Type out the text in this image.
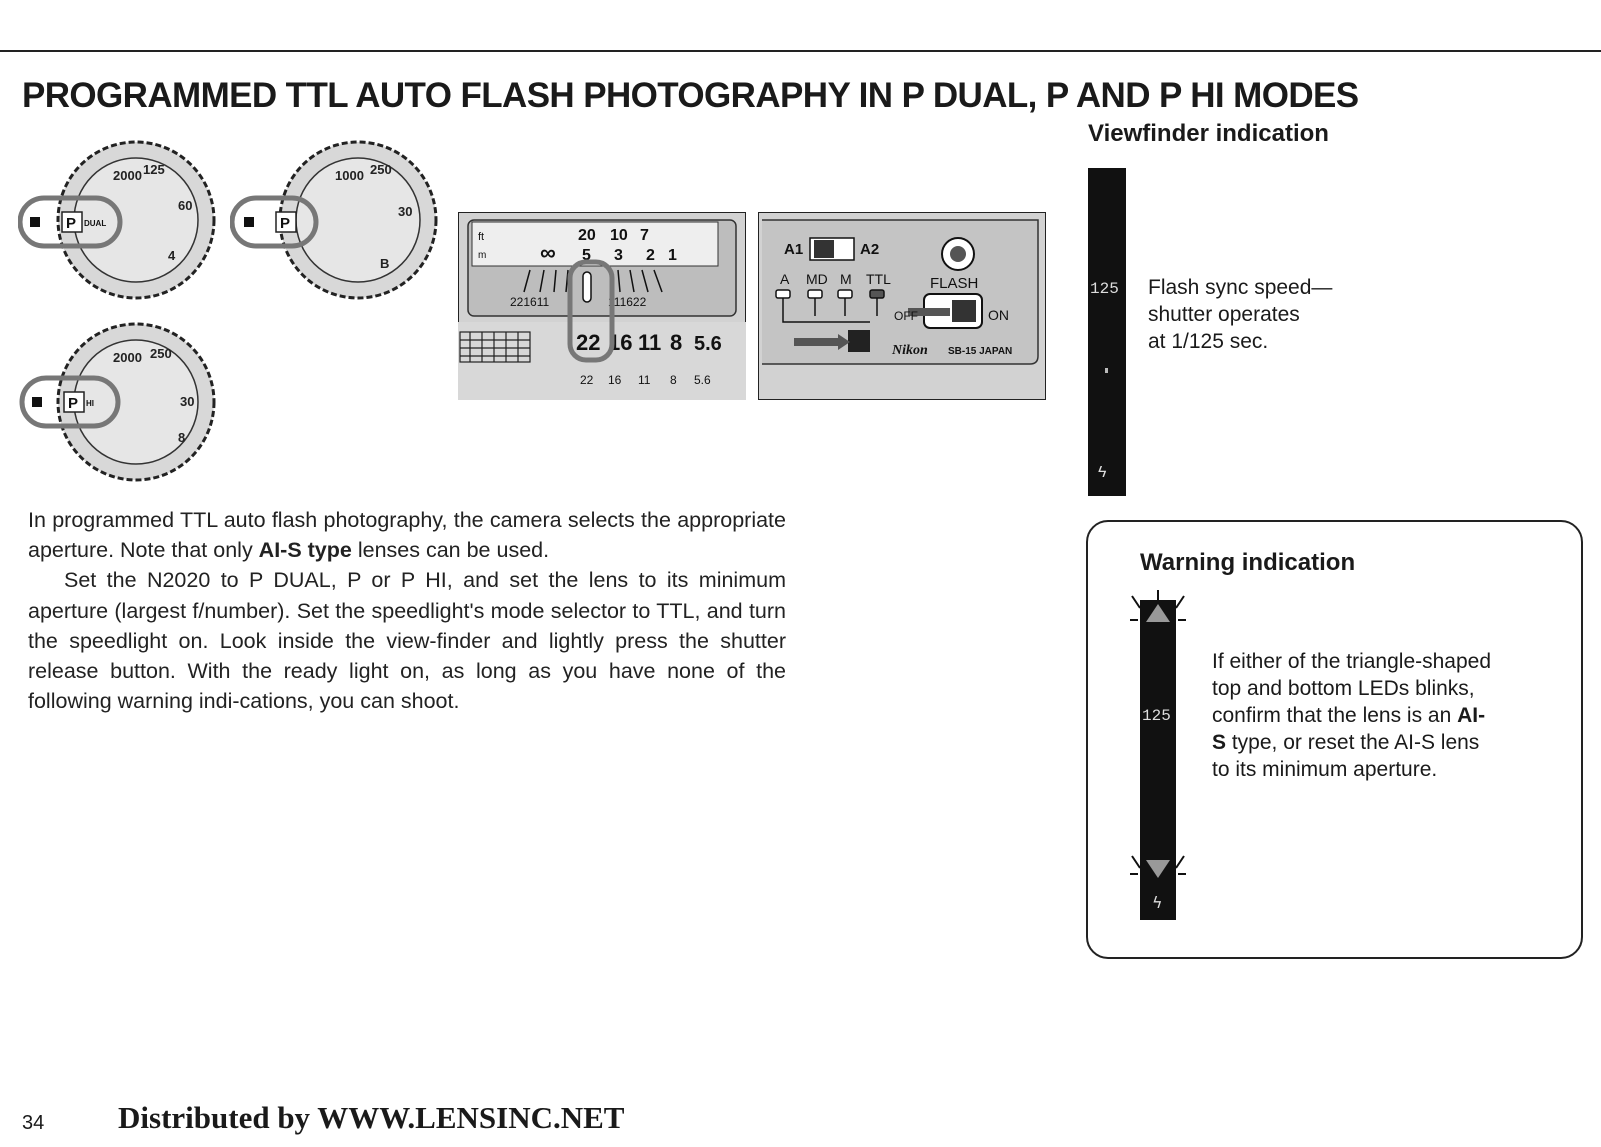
PROGRAMMED TTL AUTO FLASH PHOTOGRAPHY IN P DUAL, P AND P HI MODES
Viewfinder indication
2000 125
60
4
P DUAL
1000 250
30
B
P
2000 250
30
8
P HI
ft
m
20 10 7
∞ 5 3 2 1
221611	111622
22 16 11 8 5.6
22 16 11 8 5.6
A1	A2
A MD M TTL	FLASH
OFF	ON
Nikon SB-15 JAPAN
125
ϟ
Flash sync speed—
shutter operates
at 1/125 sec.

In programmed TTL auto flash photography, the camera selects the appropriate aperture. Note that only AI-S type lenses can be used.

Set the N2020 to P DUAL, P or P HI, and set the lens to its minimum aperture (largest f/number). Set the speedlight's mode selector to TTL, and turn the speedlight on. Look inside the view-finder and lightly press the shutter release button. With the ready light on, as long as you have none of the following warning indi-cations, you can shoot.

Warning indication
125
ϟ
If either of the triangle-shaped
top and bottom LEDs blinks,
confirm that the lens is an AI-
S type, or reset the AI-S lens
to its minimum aperture.
34 Distributed by WWW.LENSINC.NET
